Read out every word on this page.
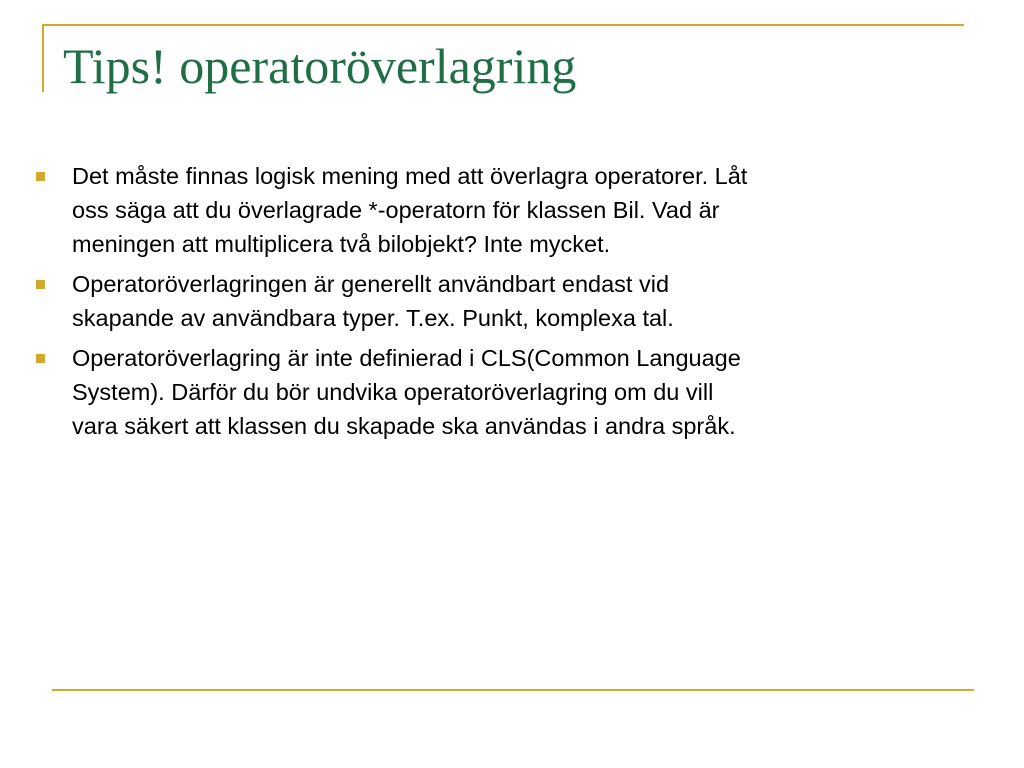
Tips! operatoröverlagring
Det måste finnas logisk mening med att överlagra operatorer. Låt
oss säga att du överlagrade *-operatorn för klassen Bil. Vad är
meningen att multiplicera två bilobjekt? Inte mycket.
Operatoröverlagringen är generellt användbart endast vid
skapande av användbara typer. T.ex. Punkt, komplexa tal.
Operatoröverlagring är inte definierad i CLS(Common Language
System). Därför du bör undvika operatoröverlagring om du vill
vara säkert att klassen du skapade ska användas i andra språk.
